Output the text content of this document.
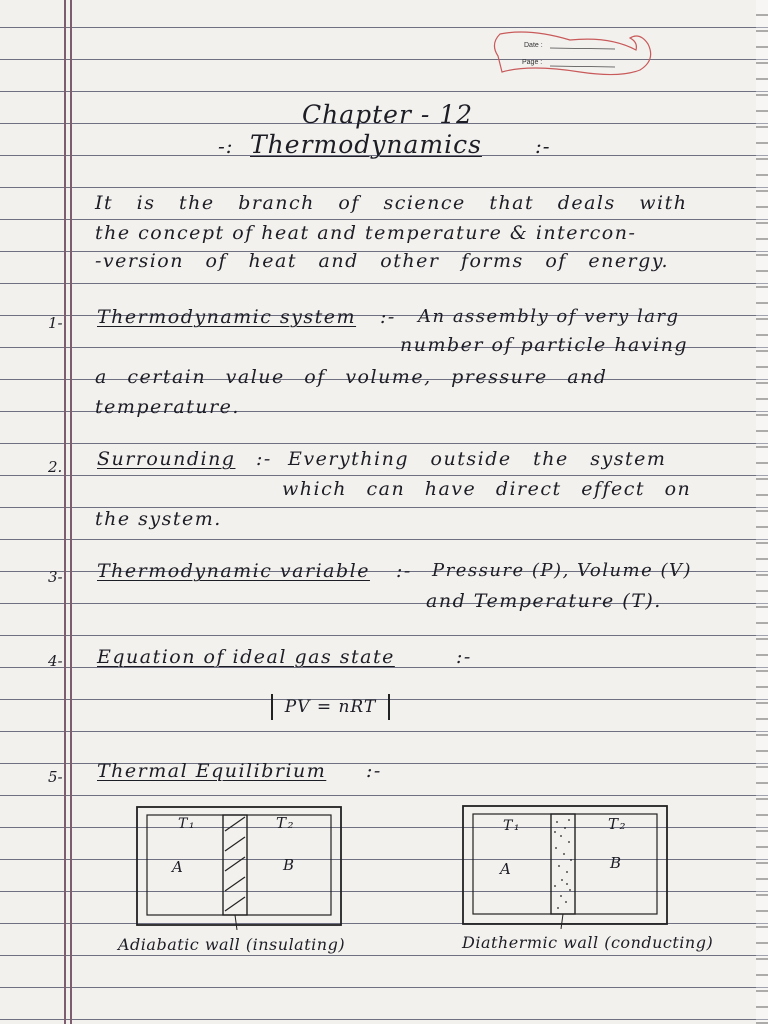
Date :
Page :
Chapter - 12
-: Thermodynamics	:-
It is the branch of science that deals with
the concept of heat and temperature & intercon-
-version of heat and other forms of energy.
1- Thermodynamic system :- An assembly of very larg
number of particle having
a certain value of volume, pressure and
temperature.
2. Surrounding :- Everything outside the system
which can have direct effect on
the system.
3- Thermodynamic variable :- Pressure (P), Volume (V)
and Temperature (T).
4- Equation of ideal gas state	:-
PV = nRT
5- Thermal Equilibrium :-
T₁	T₂
A	B
Adiabatic wall (insulating)
T₁	T₂
A	B
Diathermic wall (conducting)
